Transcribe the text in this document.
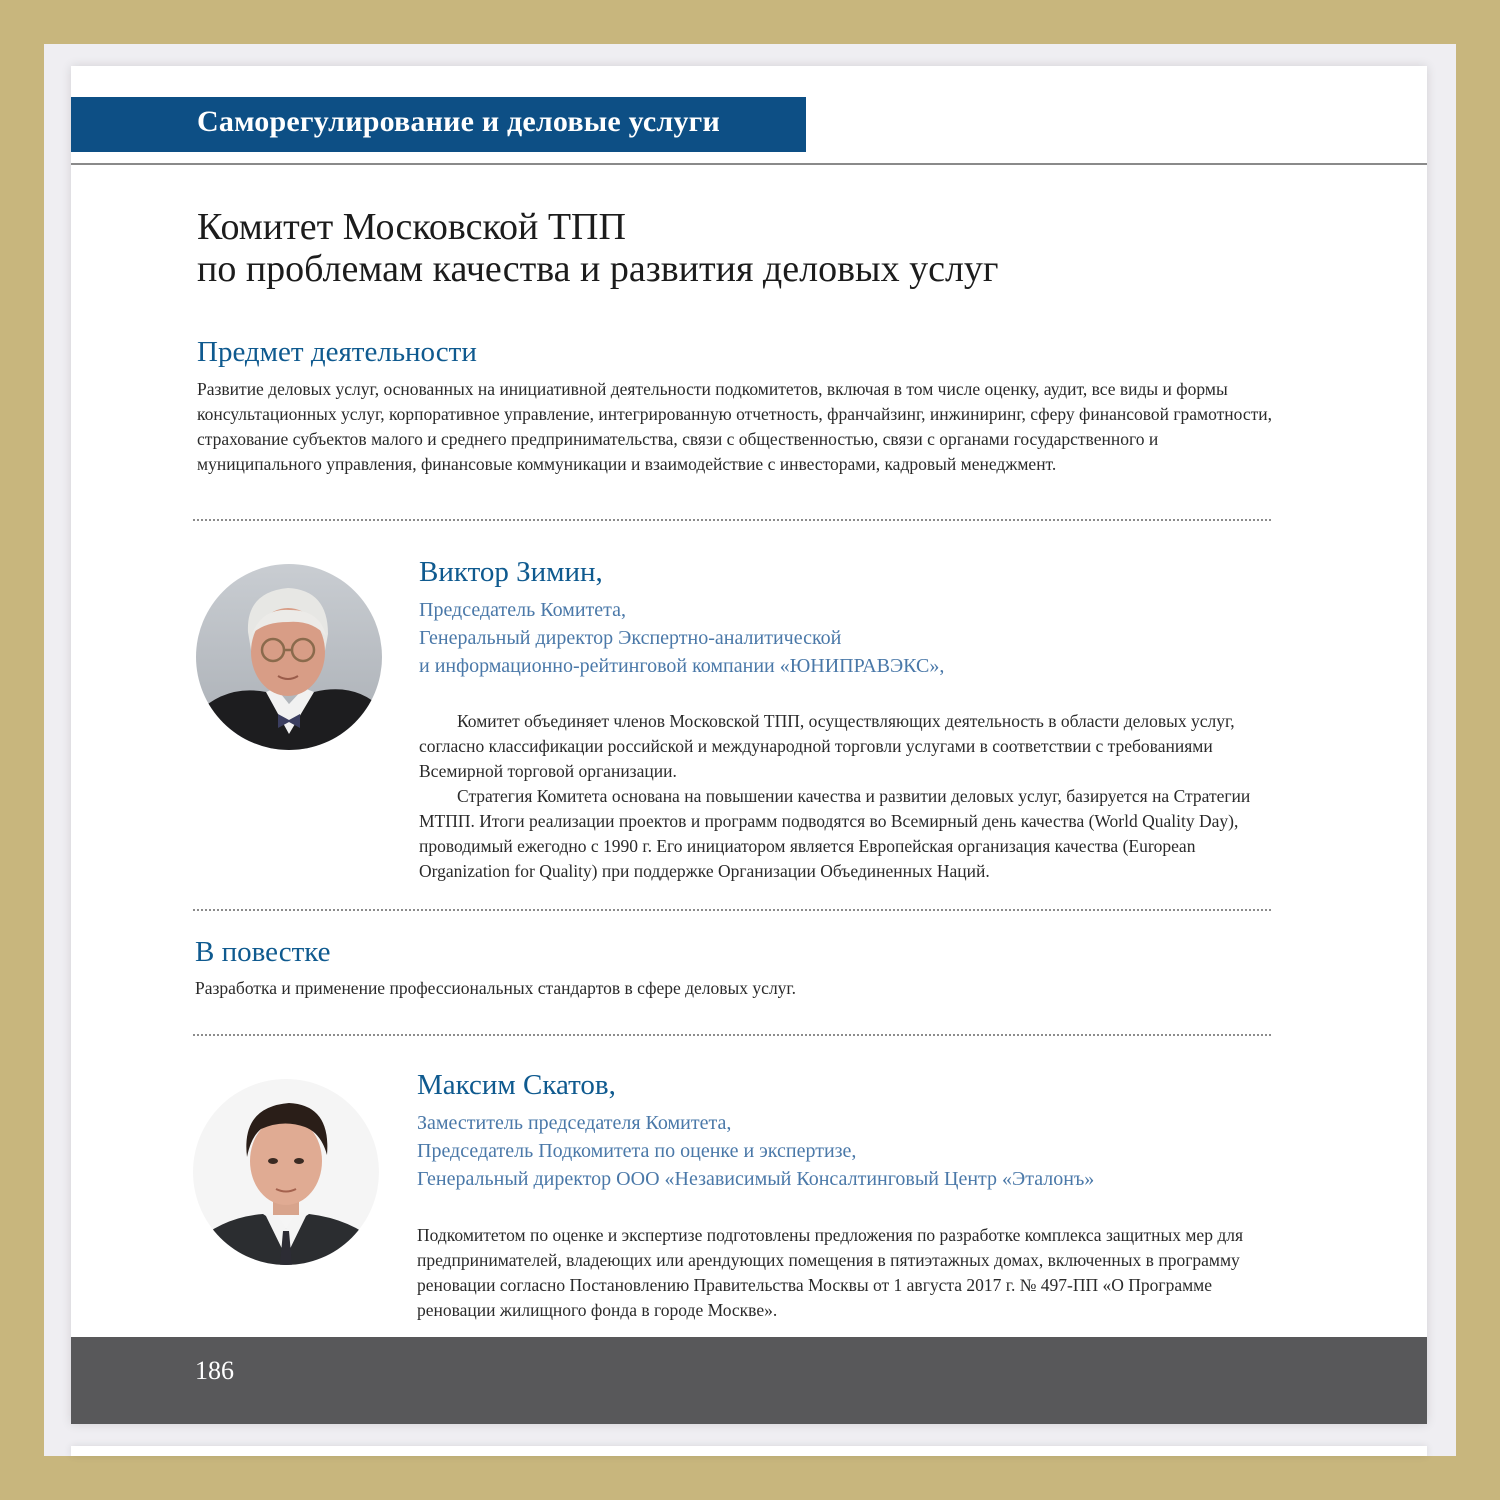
Саморегулирование и деловые услуги
Комитет Московской ТПП
по проблемам качества и развития деловых услуг
Предмет деятельности

Развитие деловых услуг, основанных на инициативной деятельности подкомитетов, включая в том числе оценку, аудит, все виды и формы консультационных услуг, корпоративное управление, интегрированную отчетность, франчайзинг, инжиниринг, сферу финансовой грамотности, страхование субъектов малого и среднего предпринимательства, связи с общественностью, связи с органами государственного и муниципального управления, финансовые коммуникации и взаимодействие с инвесторами, кадровый менеджмент.

Виктор Зимин,

Председатель Комитета,
Генеральный директор Экспертно-аналитической
и информационно-рейтинговой компании «ЮНИПРАВЭКС»,

Комитет объединяет членов Московской ТПП, осуществляющих деятельность в области деловых услуг, согласно классификации российской и международной торговли услугами в соответствии с требованиями Всемирной торговой организации.

Стратегия Комитета основана на повышении качества и развитии деловых услуг, базируется на Стратегии МТПП. Итоги реализации проектов и программ подводятся во Всемирный день качества (World Quality Day), проводимый ежегодно с 1990 г. Его инициатором является Европейская организация качества (European Organization for Quality) при поддержке Организации Объединенных Наций.

В повестке

Разработка и применение профессиональных стандартов в сфере деловых услуг.

Максим Скатов,

Заместитель председателя Комитета,
Председатель Подкомитета по оценке и экспертизе,
Генеральный директор ООО «Независимый Консалтинговый Центр «Эталонъ»

Подкомитетом по оценке и экспертизе подготовлены предложения по разработке комплекса защитных мер для предпринимателей, владеющих или арендующих помещения в пятиэтажных домах, включенных в программу реновации согласно Постановлению Правительства Москвы от 1 августа 2017 г. № 497-ПП «О Программе реновации жилищного фонда в городе Москве».

186
